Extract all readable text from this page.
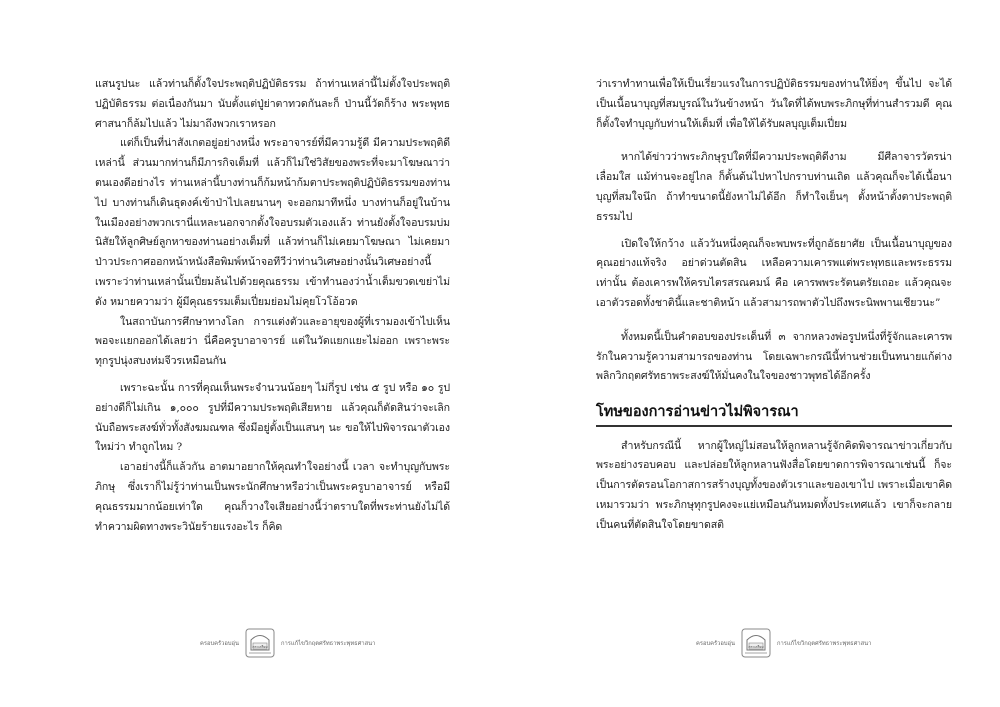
แสนรูปนะ แล้วท่านก็ตั้งใจประพฤติปฏิบัติธรรม ถ้าท่านเหล่านี้ไม่ตั้งใจประพฤติปฏิบัติธรรม ต่อเนื่องกันมา นับตั้งแต่ปู่ย่าตาทวดกันละก็ ป่านนี้วัดก็ร้าง พระพุทธศาสนาก็ล้มไปแล้ว ไม่มาถึงพวกเราหรอก

แต่ก็เป็นที่น่าสังเกตอยู่อย่างหนึ่ง พระอาจารย์ที่มีความรู้ดี มีความประพฤติดีเหล่านี้ ส่วนมากท่านก็มีภารกิจเต็มที่ แล้วก็ไม่ใช่วิสัยของพระที่จะมาโฆษณาว่าตนเองดีอย่างไร ท่านเหล่านี้บางท่านก็ก้มหน้าก้มตาประพฤติปฏิบัติธรรมของท่านไป บางท่านก็เดินธุดงค์เข้าป่าไปเลยนานๆ จะออกมาทีหนึ่ง บางท่านก็อยู่ในบ้านในเมืองอย่างพวกเรานี่แหละนอกจากตั้งใจอบรมตัวเองแล้ว ท่านยังตั้งใจอบรมบ่มนิสัยให้ลูกศิษย์ลูกหาของท่านอย่างเต็มที่ แล้วท่านก็ไม่เคยมาโฆษณา ไม่เคยมาป่าวประกาศออกหน้าหนังสือพิมพ์หน้าจอทีวีว่าท่านวิเศษอย่างนั้นวิเศษอย่างนี้ เพราะว่าท่านเหล่านั้นเปี่ยมล้นไปด้วยคุณธรรม เข้าทำนองว่าน้ำเต็มขวดเขย่าไม่ดัง หมายความว่า ผู้มีคุณธรรมเต็มเปี่ยมย่อมไม่คุยโวโอ้อวด

ในสถาบันการศึกษาทางโลก การแต่งตัวและอายุของผู้ที่เรามองเข้าไปเห็น พอจะแยกออกได้เลยว่า นี่คือครูบาอาจารย์ แต่ในวัดแยกแยะไม่ออก เพราะพระทุกรูปนุ่งสบงห่มจีวรเหมือนกัน

เพราะฉะนั้น การที่คุณเห็นพระจำนวนน้อยๆ ไม่กี่รูป เช่น ๕ รูป หรือ ๑๐ รูป อย่างดีก็ไม่เกิน ๑,๐๐๐ รูปที่มีความประพฤติเสียหาย แล้วคุณก็ตัดสินว่าจะเลิกนับถือพระสงฆ์ทั่วทั้งสังฆมณฑล ซึ่งมีอยู่ตั้งเป็นแสนๆ นะ ขอให้ไปพิจารณาตัวเองใหม่ว่า ทำถูกไหม ?

เอาอย่างนี้ก็แล้วกัน อาตมาอยากให้คุณทำใจอย่างนี้ เวลา จะทำบุญกับพระภิกษุ ซึ่งเราก็ไม่รู้ว่าท่านเป็นพระนักศึกษาหรือว่าเป็นพระครูบาอาจารย์ หรือมีคุณธรรมมากน้อยเท่าใด คุณก็วางใจเสียอย่างนี้ว่าตราบใดที่พระท่านยังไม่ได้ทำความผิดทางพระวินัยร้ายแรงอะไร ก็คิด

ครอบครัวอบอุ่น	ตระเตรียม การแก้ไขวิกฤตศรัทธาพระพุทธศาสนา

ว่าเราทำทานเพื่อให้เป็นเรี่ยวแรงในการปฏิบัติธรรมของท่านให้ยิ่งๆ ขึ้นไป จะได้เป็นเนื้อนาบุญที่สมบูรณ์ในวันข้างหน้า วันใดที่ได้พบพระภิกษุที่ท่านสำรวมดี คุณก็ตั้งใจทำบุญกับท่านให้เต็มที่ เพื่อให้ได้รับผลบุญเต็มเปี่ยม

หากได้ข่าวว่าพระภิกษุรูปใดที่มีความประพฤติดีงาม มีศีลาจารวัตรน่าเลื่อมใส แม้ท่านจะอยู่ไกล ก็ดั้นด้นไปหาไปกราบท่านเถิด แล้วคุณก็จะได้เนื้อนาบุญที่สมใจนึก ถ้าทำขนาดนี้ยังหาไม่ได้อีก ก็ทำใจเย็นๆ ตั้งหน้าตั้งตาประพฤติธรรมไป

เปิดใจให้กว้าง แล้ววันหนึ่งคุณก็จะพบพระที่ถูกอัธยาศัย เป็นเนื้อนาบุญของคุณอย่างแท้จริง อย่าด่วนตัดสิน เหลือความเคารพแต่พระพุทธและพระธรรมเท่านั้น ต้องเคารพให้ครบไตรสรณคมน์ คือ เคารพพระรัตนตรัยเถอะ แล้วคุณจะเอาตัวรอดทั้งชาตินี้และชาติหน้า แล้วสามารถพาตัวไปถึงพระนิพพานเชียวนะ”

ทั้งหมดนี้เป็นคำตอบของประเด็นที่ ๓ จากหลวงพ่อรูปหนึ่งที่รู้จักและเคารพรักในความรู้ความสามารถของท่าน โดยเฉพาะกรณีนี้ท่านช่วยเป็นทนายแก้ต่างพลิกวิกฤตศรัทธาพระสงฆ์ให้มั่นคงในใจของชาวพุทธได้อีกครั้ง

โทษของการอ่านข่าวไม่พิจารณา

สำหรับกรณีนี้ หากผู้ใหญ่ไม่สอนให้ลูกหลานรู้จักคิดพิจารณาข่าวเกี่ยวกับพระอย่างรอบคอบ และปล่อยให้ลูกหลานฟังสื่อโดยขาดการพิจารณาเช่นนี้ ก็จะเป็นการตัดรอนโอกาสการสร้างบุญทั้งของตัวเราและของเขาไป เพราะเมื่อเขาคิดเหมารวมว่า พระภิกษุทุกรูปคงจะแย่เหมือนกันหมดทั้งประเทศแล้ว เขาก็จะกลายเป็นคนที่ตัดสินใจโดยขาดสติ

ครอบครัวอบอุ่น	ตระเตรียม การแก้ไขวิกฤตศรัทธาพระพุทธศาสนา
